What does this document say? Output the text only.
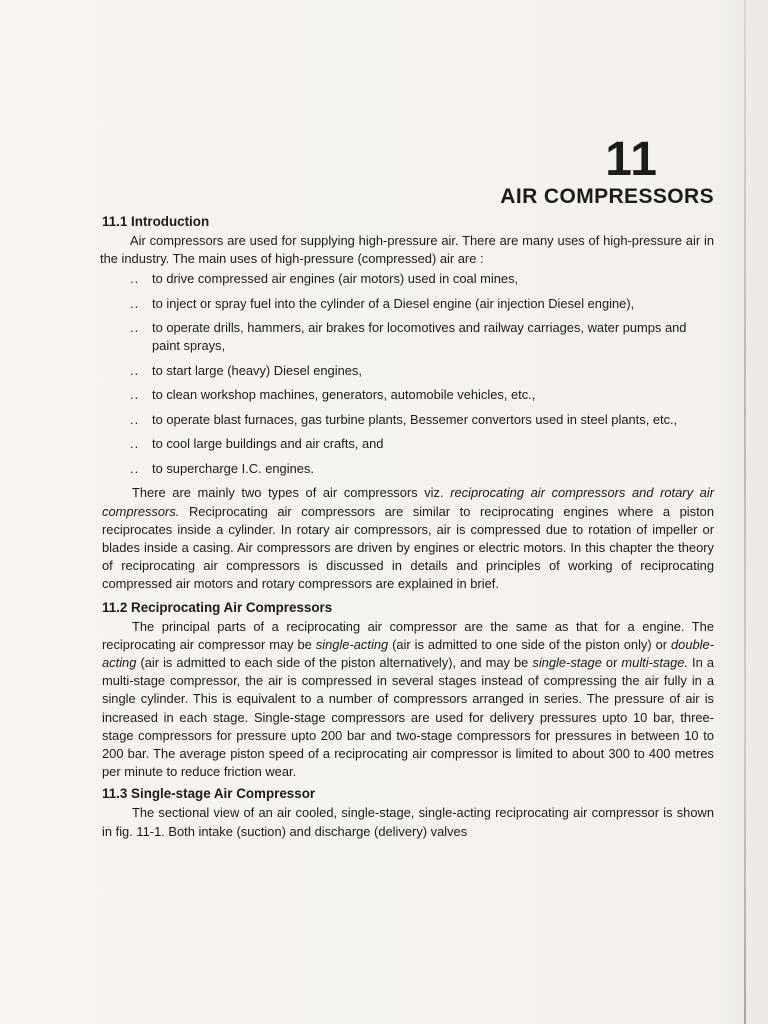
11
AIR COMPRESSORS
11.1 Introduction

Air compressors are used for supplying high-pressure air. There are many uses of high-pressure air in the industry. The main uses of high-pressure (compressed) air are :

.. to drive compressed air engines (air motors) used in coal mines,
.. to inject or spray fuel into the cylinder of a Diesel engine (air injection Diesel engine),
.. to operate drills, hammers, air brakes for locomotives and railway carriages, water pumps and paint sprays,
.. to start large (heavy) Diesel engines,
.. to clean workshop machines, generators, automobile vehicles, etc.,
.. to operate blast furnaces, gas turbine plants, Bessemer convertors used in steel plants, etc.,
.. to cool large buildings and air crafts, and
.. to supercharge I.C. engines.

There are mainly two types of air compressors viz. reciprocating air compressors and rotary air compressors. Reciprocating air compressors are similar to reciprocating engines where a piston reciprocates inside a cylinder. In rotary air compressors, air is compressed due to rotation of impeller or blades inside a casing. Air compressors are driven by engines or electric motors. In this chapter the theory of reciprocating air compressors is discussed in details and principles of working of reciprocating compressed air motors and rotary compressors are explained in brief.

11.2 Reciprocating Air Compressors

The principal parts of a reciprocating air compressor are the same as that for a engine. The reciprocating air compressor may be single-acting (air is admitted to one side of the piston only) or double-acting (air is admitted to each side of the piston alternatively), and may be single-stage or multi-stage. In a multi-stage compressor, the air is compressed in several stages instead of compressing the air fully in a single cylinder. This is equivalent to a number of compressors arranged in series. The pressure of air is increased in each stage. Single-stage compressors are used for delivery pressures upto 10 bar, three-stage compressors for pressure upto 200 bar and two-stage compressors for pressures in between 10 to 200 bar. The average piston speed of a reciprocating air compressor is limited to about 300 to 400 metres per minute to reduce friction wear.

11.3 Single-stage Air Compressor

The sectional view of an air cooled, single-stage, single-acting reciprocating air compressor is shown in fig. 11-1. Both intake (suction) and discharge (delivery) valves
